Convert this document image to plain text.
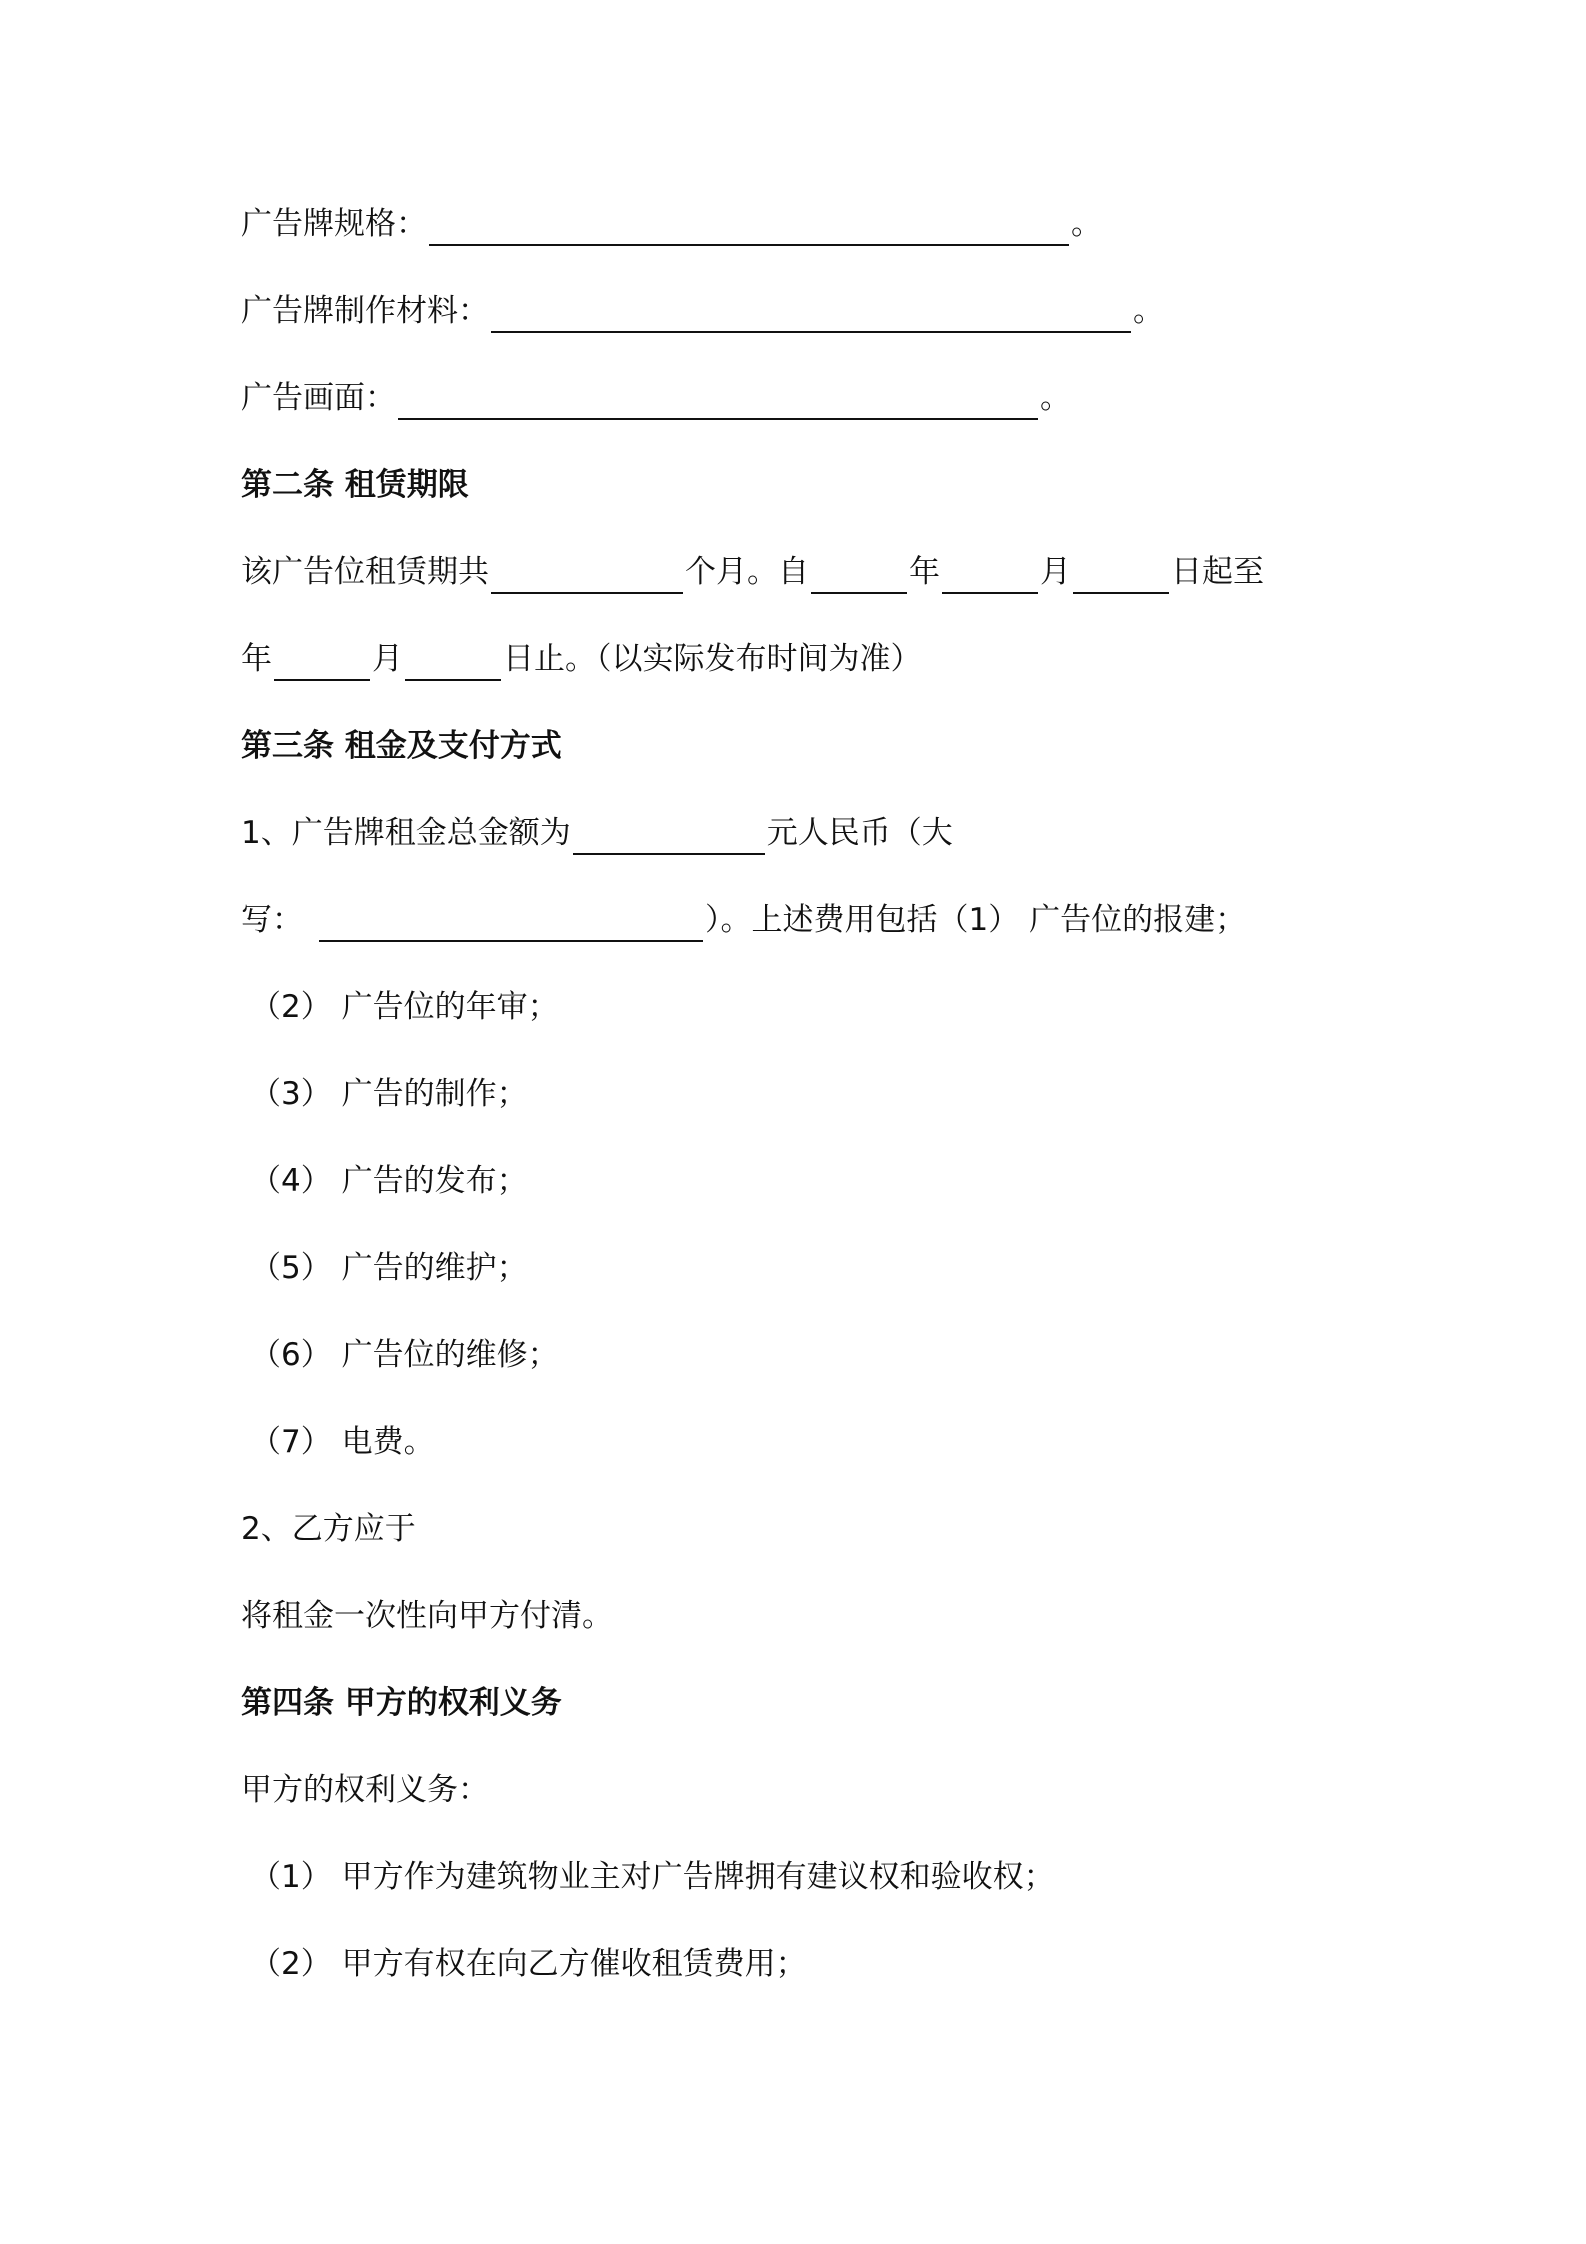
广告牌规格：	。
广告牌制作材料：	。
广告画面：	。
第二条 租赁期限
该广告位租赁期共	个月。自	年	月	日起至
年	月	日止。（以实际发布时间为准）
第三条 租金及支付方式
1、广告牌租金总金额为	元人民币（大
写：	）。上述费用包括（1） 广告位的报建；
（2） 广告位的年审；
（3） 广告的制作；
（4） 广告的发布；
（5） 广告的维护；
（6） 广告位的维修；
（7） 电费。
2、乙方应于
将租金一次性向甲方付清。
第四条 甲方的权利义务
甲方的权利义务：
（1） 甲方作为建筑物业主对广告牌拥有建议权和验收权；
（2） 甲方有权在向乙方催收租赁费用；
